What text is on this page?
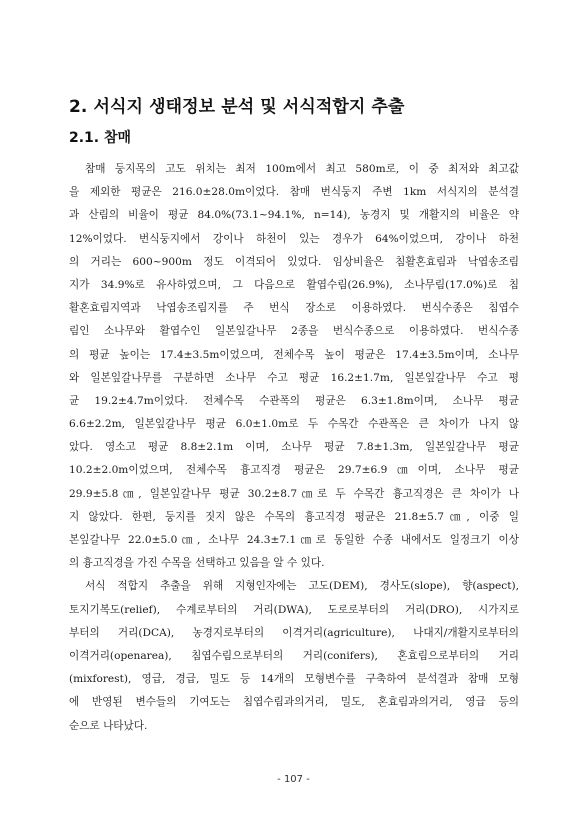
2. 서식지 생태정보 분석 및 서식적합지 추출
2.1. 참매
참매 둥지목의 고도 위치는 최저 100m에서 최고 580m로, 이 중 최저와 최고값
을 제외한 평균은 216.0±28.0m이었다. 참매 번식둥지 주변 1km 서식지의 분석결
과 산림의 비율이 평균 84.0%(73.1~94.1%, n=14), 농경지 및 개활지의 비율은 약
12%이었다. 번식둥지에서 강이나 하천이 있는 경우가 64%이었으며, 강이나 하천
의 거리는 600~900m 정도 이격되어 있었다. 임상비율은 침활혼효림과 낙엽송조림
지가 34.9%로 유사하였으며, 그 다음으로 활엽수림(26.9%), 소나무림(17.0%)로 침
활혼효림지역과 낙엽송조림지를 주 번식 장소로 이용하였다. 번식수종은 침엽수
림인 소나무와 활엽수인 일본잎갈나무 2종을 번식수종으로 이용하였다. 번식수종
의 평균 높이는 17.4±3.5m이었으며, 전체수목 높이 평균은 17.4±3.5m이며, 소나무
와 일본잎갈나무를 구분하면 소나무 수고 평균 16.2±1.7m, 일본잎갈나무 수고 평
균 19.2±4.7m이었다. 전체수목 수관폭의 평균은 6.3±1.8m이며, 소나무 평균
6.6±2.2m, 일본잎갈나무 평균 6.0±1.0m로 두 수목간 수관폭은 큰 차이가 나지 않
았다. 영소고 평균 8.8±2.1m 이며, 소나무 평균 7.8±1.3m, 일본잎갈나무 평균
10.2±2.0m이었으며, 전체수목 흉고직경 평균은 29.7±6.9㎝이며, 소나무 평균
29.9±5.8㎝, 일본잎갈나무 평균 30.2±8.7㎝로 두 수목간 흉고직경은 큰 차이가 나
지 않았다. 한편, 둥지를 짓지 않은 수목의 흉고직경 평균은 21.8±5.7㎝, 이중 일
본잎갈나무 22.0±5.0㎝, 소나무 24.3±7.1㎝로 동일한 수종 내에서도 일정크기 이상
의 흉고직경을 가진 수목을 선택하고 있음을 알 수 있다.
서식 적합지 추출을 위해 지형인자에는 고도(DEM), 경사도(slope), 향(aspect),
토지기복도(relief), 수계로부터의 거리(DWA), 도로로부터의 거리(DRO), 시가지로
부터의 거리(DCA), 농경지로부터의 이격거리(agriculture), 나대지/개활지로부터의
이격거리(openarea), 침엽수림으로부터의 거리(conifers), 혼효림으로부터의 거리
(mixforest), 영급, 경급, 밀도 등 14개의 모형변수를 구축하여 분석결과 참매 모형
에 반영된 변수들의 기여도는 침엽수림과의거리, 밀도, 혼효림과의거리, 영급 등의
순으로 나타났다.
- 107 -
